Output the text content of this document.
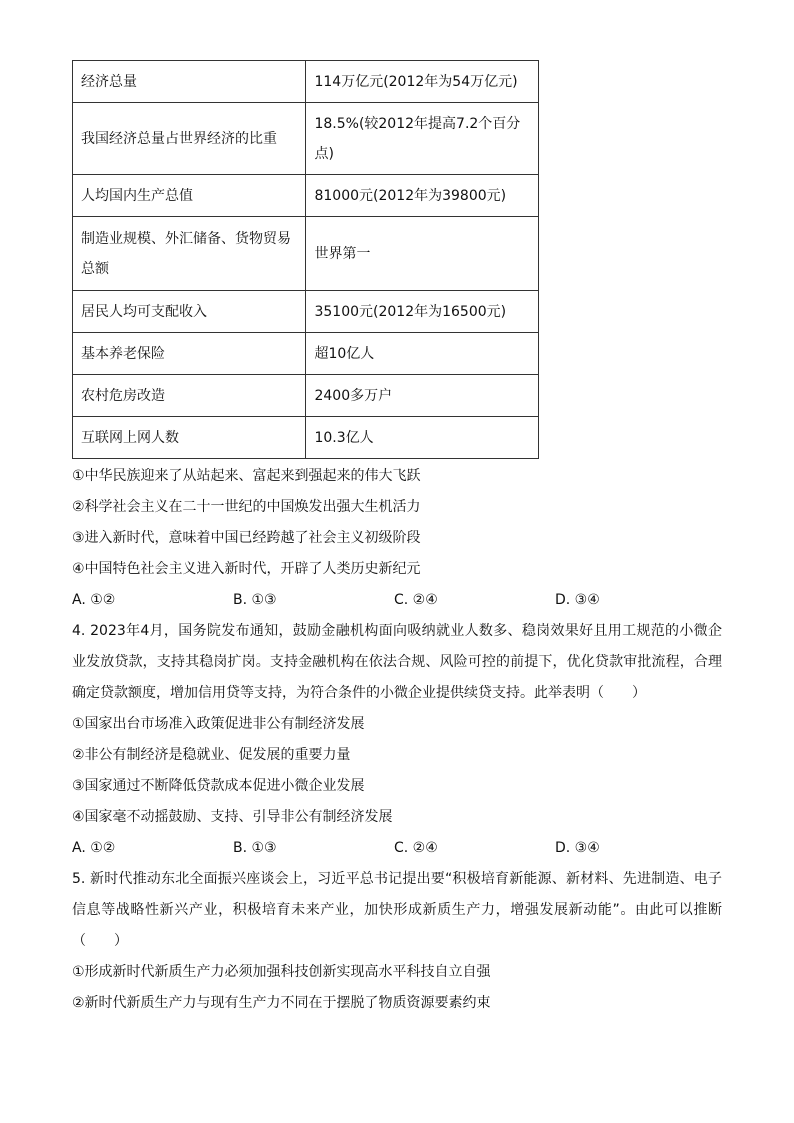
经济总量	114万亿元(2012年为54万亿元)
我国经济总量占世界经济的比重	18.5%(较2012年提高7.2个百分点)
人均国内生产总值	81000元(2012年为39800元)
制造业规模、外汇储备、货物贸易总额	世界第一
居民人均可支配收入	35100元(2012年为16500元)
基本养老保险	超10亿人
农村危房改造	2400多万户
互联网上网人数	10.3亿人
①中华民族迎来了从站起来、富起来到强起来的伟大飞跃
②科学社会主义在二十一世纪的中国焕发出强大生机活力
③进入新时代，意味着中国已经跨越了社会主义初级阶段
④中国特色社会主义进入新时代，开辟了人类历史新纪元
A. ①②	B. ①③	C. ②④	D. ③④
4. 2023年4月，国务院发布通知，鼓励金融机构面向吸纳就业人数多、稳岗效果好且用工规范的小微企业发放贷款，支持其稳岗扩岗。支持金融机构在依法合规、风险可控的前提下，优化贷款审批流程，合理确定贷款额度，增加信用贷等支持，为符合条件的小微企业提供续贷支持。此举表明（　　）
①国家出台市场准入政策促进非公有制经济发展
②非公有制经济是稳就业、促发展的重要力量
③国家通过不断降低贷款成本促进小微企业发展
④国家毫不动摇鼓励、支持、引导非公有制经济发展
A. ①②	B. ①③	C. ②④	D. ③④
5. 新时代推动东北全面振兴座谈会上，习近平总书记提出要“积极培育新能源、新材料、先进制造、电子信息等战略性新兴产业，积极培育未来产业，加快形成新质生产力，增强发展新动能”。由此可以推断（　　）
①形成新时代新质生产力必须加强科技创新实现高水平科技自立自强
②新时代新质生产力与现有生产力不同在于摆脱了物质资源要素约束
